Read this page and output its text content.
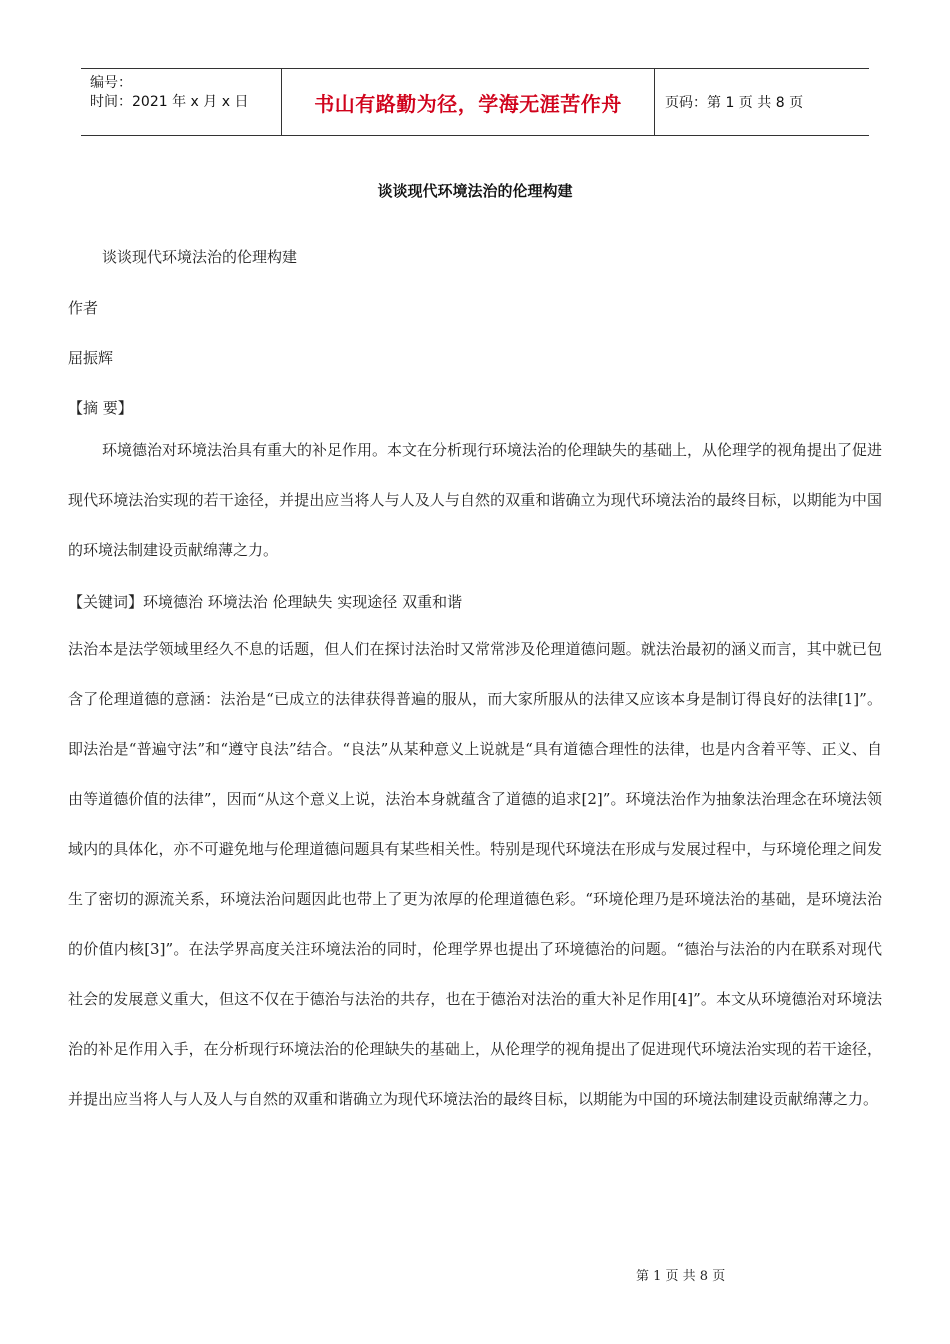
编号：
时间：2021 年 x 月 x 日	书山有路勤为径，学海无涯苦作舟	页码：第 1 页 共 8 页
谈谈现代环境法治的伦理构建

谈谈现代环境法治的伦理构建

作者

屈振辉

【摘 要】

环境德治对环境法治具有重大的补足作用。本文在分析现行环境法治的伦理缺失的基础上，从伦理学的视角提出了促进现代环境法治实现的若干途径，并提出应当将人与人及人与自然的双重和谐确立为现代环境法治的最终目标，以期能为中国的环境法制建设贡献绵薄之力。

【关键词】环境德治 环境法治 伦理缺失 实现途径 双重和谐

法治本是法学领域里经久不息的话题，但人们在探讨法治时又常常涉及伦理道德问题。就法治最初的涵义而言，其中就已包含了伦理道德的意涵：法治是“已成立的法律获得普遍的服从，而大家所服从的法律又应该本身是制订得良好的法律[1]”。即法治是“普遍守法”和“遵守良法”结合。“良法”从某种意义上说就是“具有道德合理性的法律，也是内含着平等、正义、自由等道德价值的法律”，因而“从这个意义上说，法治本身就蕴含了道德的追求[2]”。环境法治作为抽象法治理念在环境法领域内的具体化，亦不可避免地与伦理道德问题具有某些相关性。特别是现代环境法在形成与发展过程中，与环境伦理之间发生了密切的源流关系，环境法治问题因此也带上了更为浓厚的伦理道德色彩。“环境伦理乃是环境法治的基础，是环境法治的价值内核[3]”。在法学界高度关注环境法治的同时，伦理学界也提出了环境德治的问题。“德治与法治的内在联系对现代社会的发展意义重大，但这不仅在于德治与法治的共存，也在于德治对法治的重大补足作用[4]”。本文从环境德治对环境法治的补足作用入手，在分析现行环境法治的伦理缺失的基础上，从伦理学的视角提出了促进现代环境法治实现的若干途径，并提出应当将人与人及人与自然的双重和谐确立为现代环境法治的最终目标，以期能为中国的环境法制建设贡献绵薄之力。

第 1 页 共 8 页
